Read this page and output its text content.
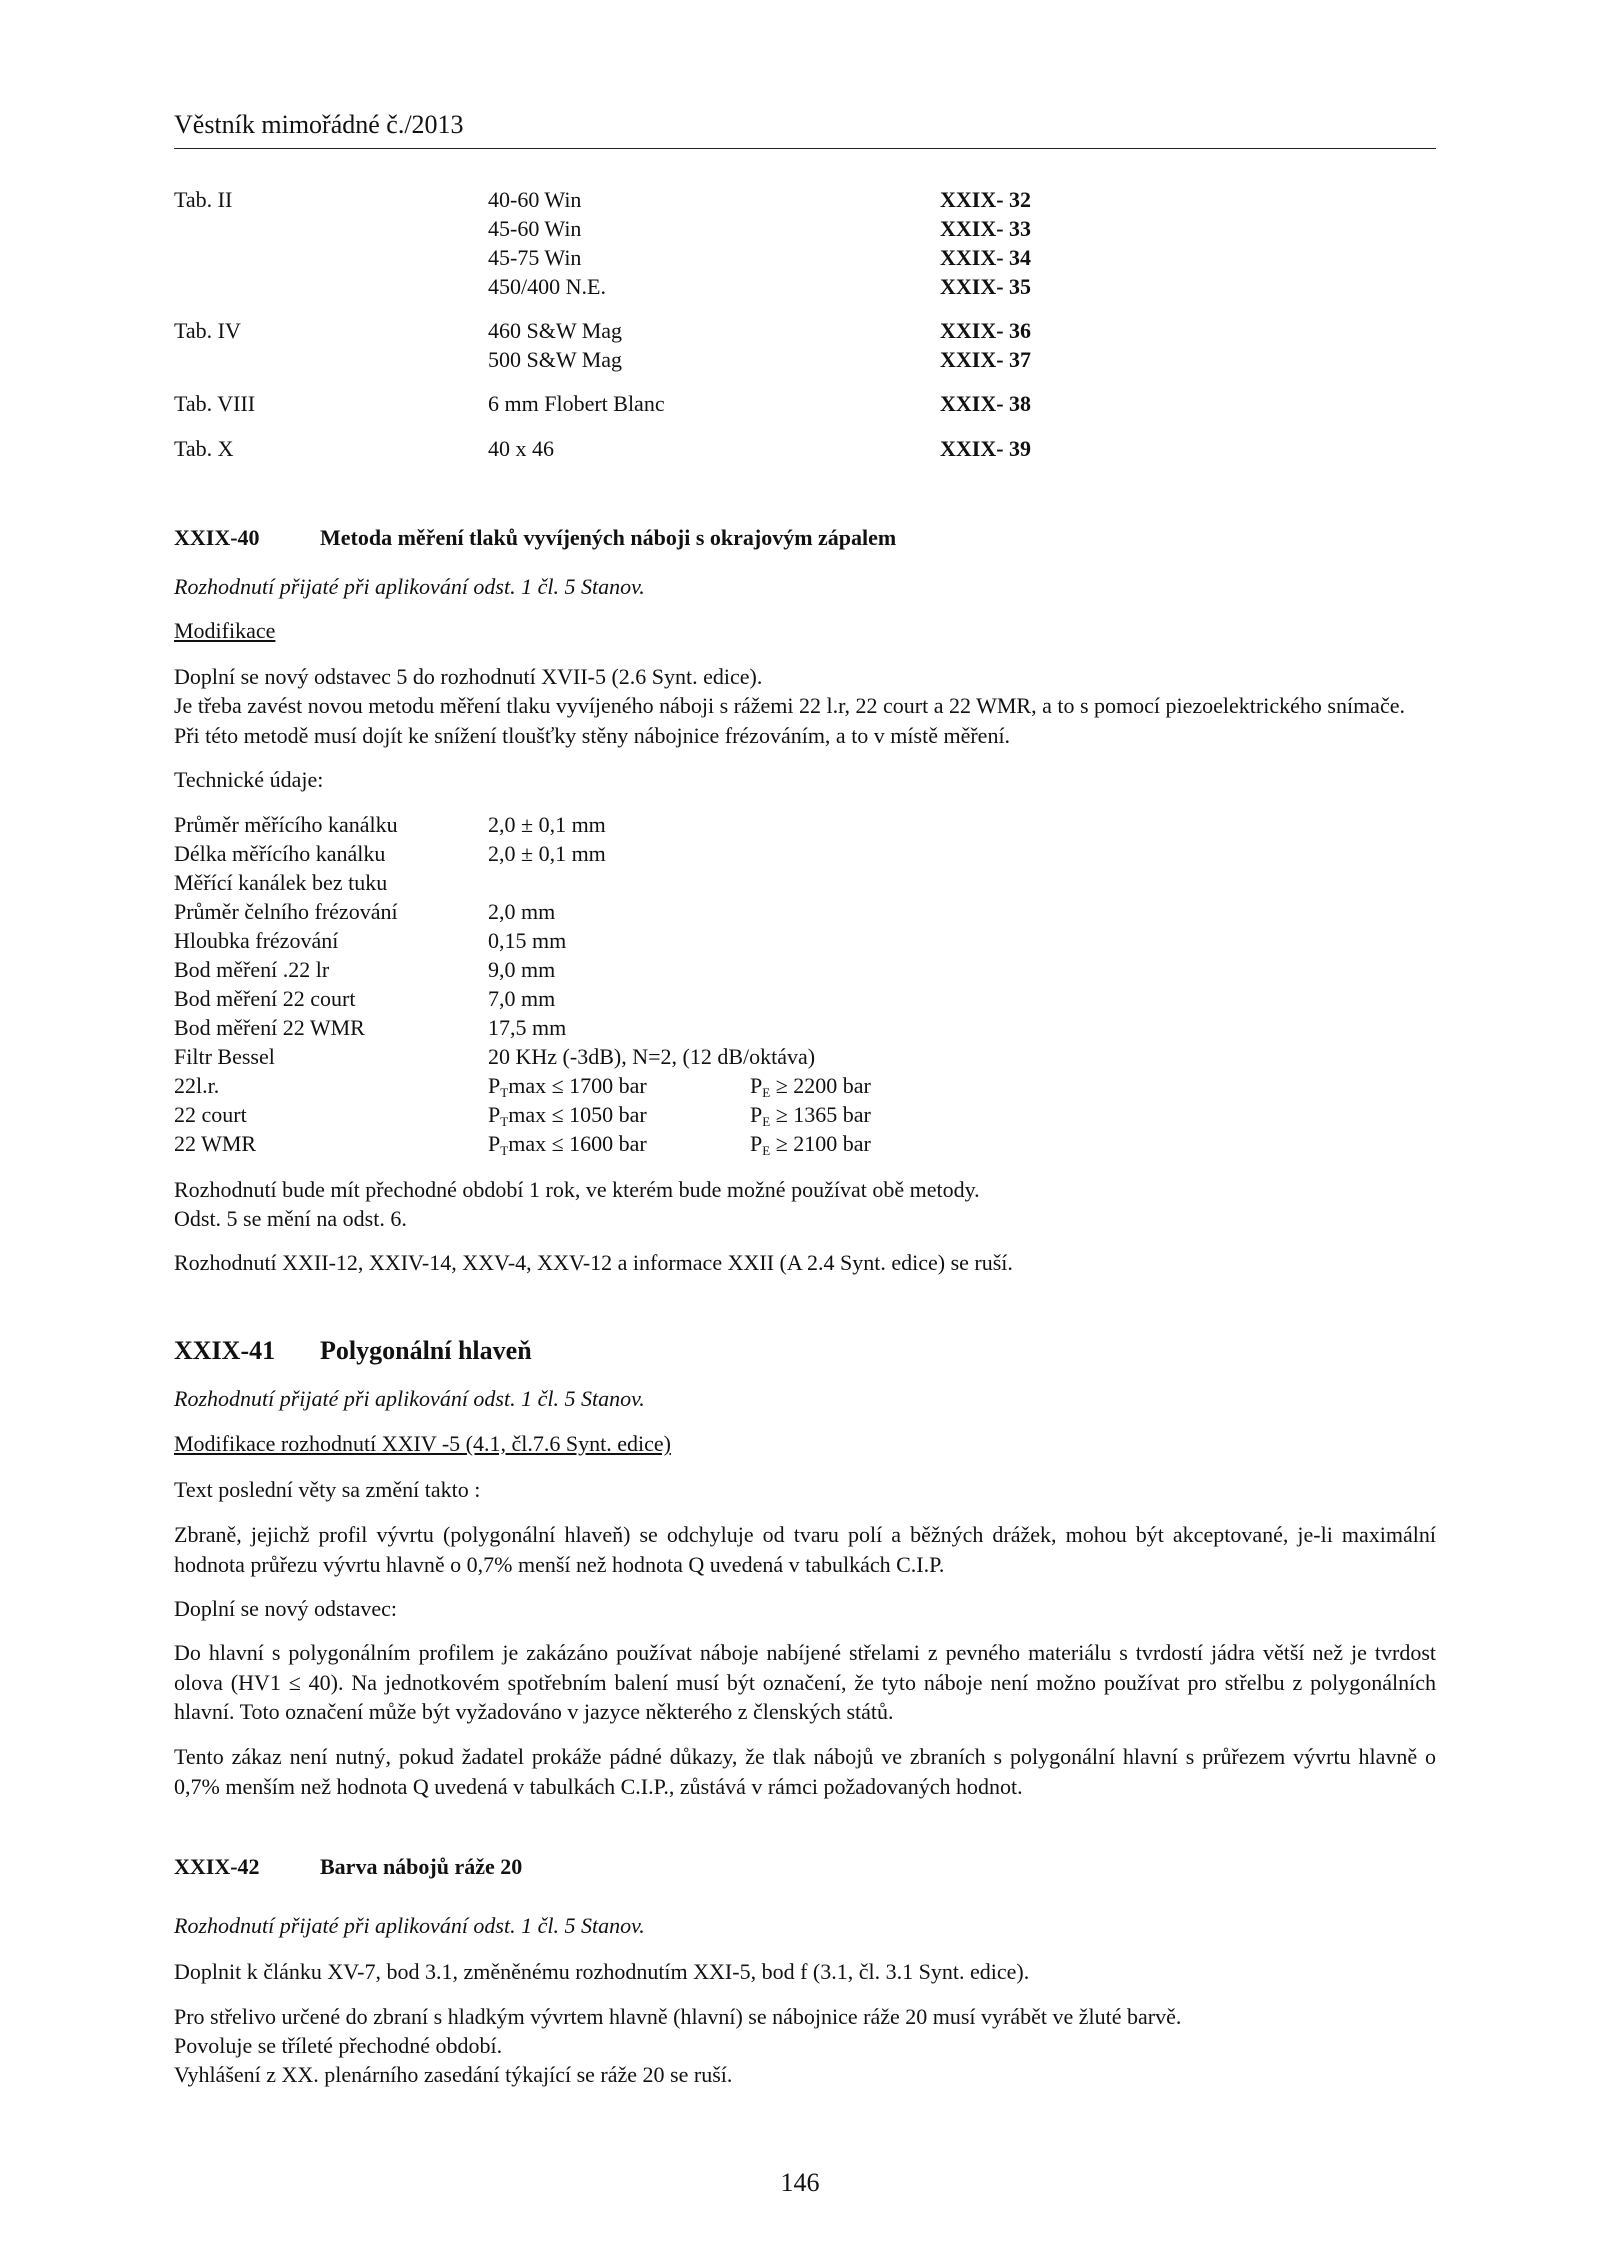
Věstník mimořádné č./2013
Tab. II	40-60 Win	XXIX- 32
45-60 Win	XXIX- 33
45-75 Win	XXIX- 34
450/400 N.E.	XXIX- 35
Tab. IV	460 S&W Mag	XXIX- 36
500 S&W Mag	XXIX- 37
Tab. VIII	6 mm Flobert Blanc	XXIX- 38
Tab. X	40 x 46	XXIX- 39
XXIX-40	Metoda měření tlaků vyvíjených náboji s okrajovým zápalem
Rozhodnutí přijaté při aplikování odst. 1 čl. 5 Stanov.
Modifikace
Doplní se nový odstavec 5 do rozhodnutí XVII-5 (2.6 Synt. edice).
Je třeba zavést novou metodu měření tlaku vyvíjeného náboji s rážemi 22 l.r, 22 court a 22 WMR, a to s pomocí piezoelektrického snímače. Při této metodě musí dojít ke snížení tloušťky stěny nábojnice frézováním, a to v místě měření.
Technické údaje:
Průměr měřícího kanálku	2,0 ± 0,1 mm
Délka měřícího kanálku	2,0 ± 0,1 mm
Měřící kanálek bez tuku
Průměr čelního frézování	2,0 mm
Hloubka frézování	0,15 mm
Bod měření .22 lr	9,0 mm
Bod měření 22 court	7,0 mm
Bod měření 22 WMR	17,5 mm
Filtr Bessel	20 KHz (-3dB), N=2, (12 dB/oktáva)
22l.r.	$P_T\max \le 1700$ bar	$P_E \ge 2200$ bar
22 court	$P_T\max \le 1050$ bar	$P_E \ge 1365$ bar
22 WMR	$P_T\max \le 1600$ bar	$P_E \ge 2100$ bar
Rozhodnutí bude mít přechodné období 1 rok, ve kterém bude možné používat obě metody.
Odst. 5 se mění na odst. 6.
Rozhodnutí XXII-12, XXIV-14, XXV-4, XXV-12 a informace XXII (A 2.4 Synt. edice) se ruší.
XXIX-41 Polygonální hlaveň
Rozhodnutí přijaté při aplikování odst. 1 čl. 5 Stanov.
Modifikace rozhodnutí XXIV -5 (4.1, čl.7.6 Synt. edice)
Text poslední věty sa změní takto :
Zbraně, jejichž profil vývrtu (polygonální hlaveň) se odchyluje od tvaru polí a běžných drážek, mohou být akceptované, je-li maximální hodnota průřezu vývrtu hlavně o 0,7% menší než hodnota Q uvedená v tabulkách C.I.P.
Doplní se nový odstavec:
Do hlavní s polygonálním profilem je zakázáno používat náboje nabíjené střelami z pevného materiálu s tvrdostí jádra větší než je tvrdost olova (HV1 ≤ 40). Na jednotkovém spotřebním balení musí být označení, že tyto náboje není možno používat pro střelbu z polygonálních hlavní. Toto označení může být vyžadováno v jazyce některého z členských států.
Tento zákaz není nutný, pokud žadatel prokáže pádné důkazy, že tlak nábojů ve zbraních s polygonální hlavní s průřezem vývrtu hlavně o 0,7% menším než hodnota Q uvedená v tabulkách C.I.P., zůstává v rámci požadovaných hodnot.
XXIX-42	Barva nábojů ráže 20
Rozhodnutí přijaté při aplikování odst. 1 čl. 5 Stanov.
Doplnit k článku XV-7, bod 3.1, změněnému rozhodnutím XXI-5, bod f (3.1, čl. 3.1 Synt. edice).
Pro střelivo určené do zbraní s hladkým vývrtem hlavně (hlavní) se nábojnice ráže 20 musí vyrábět ve žluté barvě.
Povoluje se tříleté přechodné období.
Vyhlášení z XX. plenárního zasedání týkající se ráže 20 se ruší.
146
